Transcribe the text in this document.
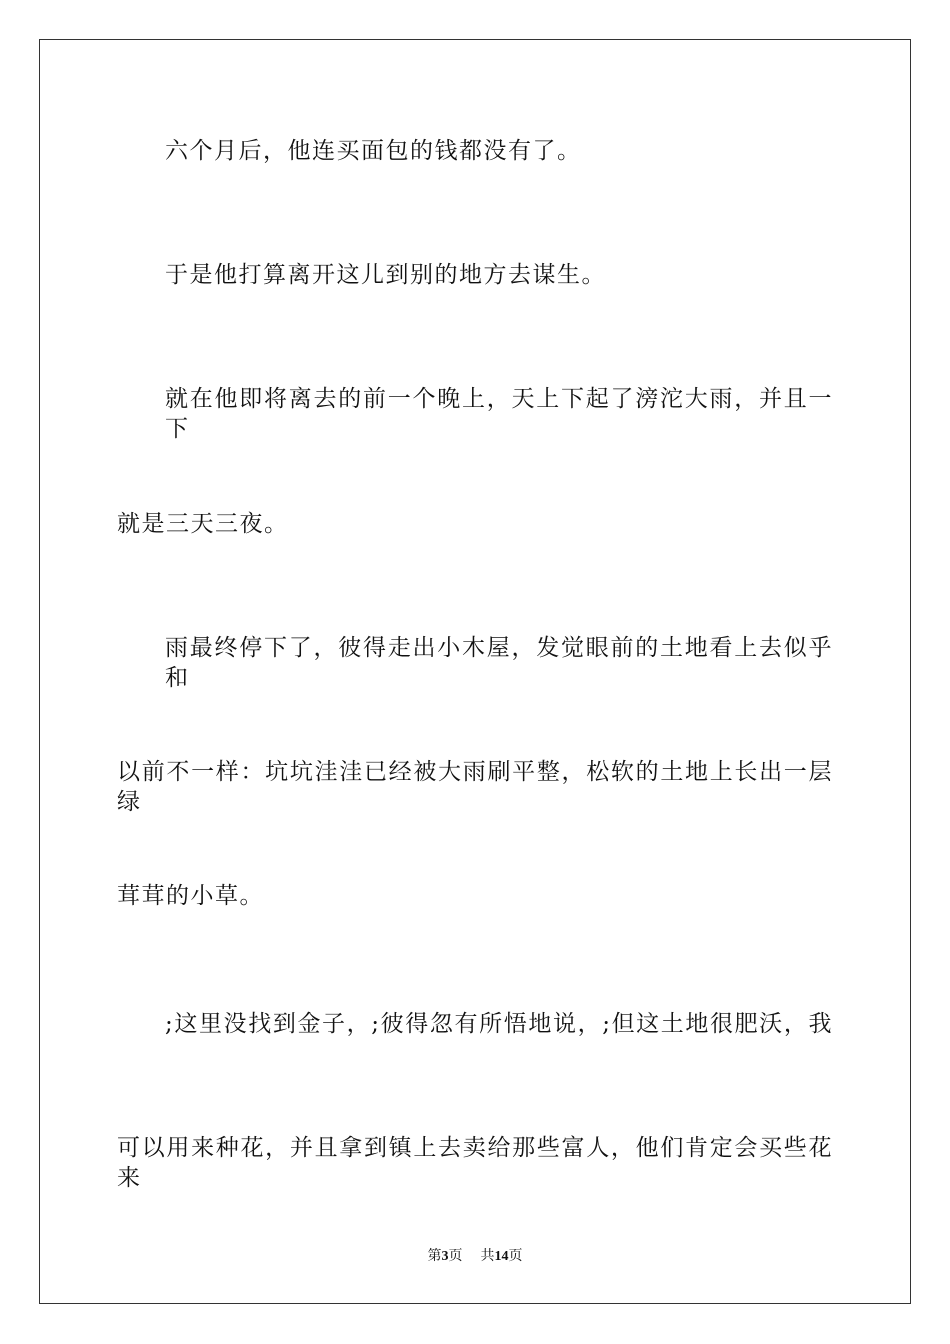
六个月后，他连买面包的钱都没有了。
于是他打算离开这儿到别的地方去谋生。
就在他即将离去的前一个晚上，天上下起了滂沱大雨，并且一下
就是三天三夜。
雨最终停下了，彼得走出小木屋，发觉眼前的土地看上去似乎和
以前不一样：坑坑洼洼已经被大雨刷平整，松软的土地上长出一层绿
茸茸的小草。
;这里没找到金子，;彼得忽有所悟地说，;但这土地很肥沃，我
可以用来种花，并且拿到镇上去卖给那些富人，他们肯定会买些花来
第3页 共14页
